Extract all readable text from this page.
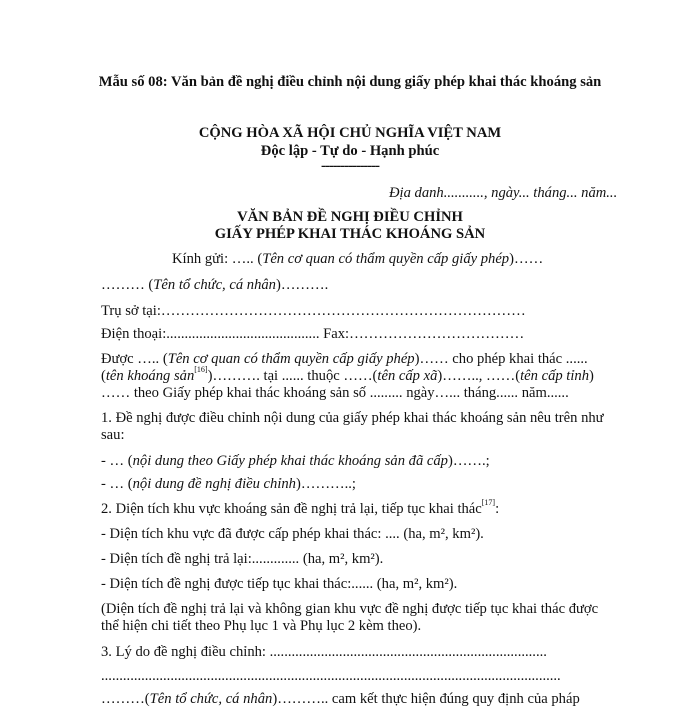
Mẫu số 08: Văn bản đề nghị điều chỉnh nội dung giấy phép khai thác khoáng sản
CỘNG HÒA XÃ HỘI CHỦ NGHĨA VIỆT NAM
Độc lập - Tự do - Hạnh phúc
---------------
Địa danh..........., ngày... tháng... năm...
VĂN BẢN ĐỀ NGHỊ ĐIỀU CHỈNH
GIẤY PHÉP KHAI THÁC KHOÁNG SẢN
Kính gửi: ….. (Tên cơ quan có thẩm quyền cấp giấy phép)……
……… (Tên tổ chức, cá nhân)……….
Trụ sở tại:…………………………………………………………………
Điện thoại:.......................................... Fax:………………………………
Được ….. (Tên cơ quan có thẩm quyền cấp giấy phép)…… cho phép khai thác ......
(tên khoáng sản[16])………. tại ...... thuộc ……(tên cấp xã)…….., ……(tên cấp tỉnh)
…… theo Giấy phép khai thác khoáng sản số ......... ngày…... tháng...... năm......
1. Đề nghị được điều chỉnh nội dung của giấy phép khai thác khoáng sản nêu trên như
sau:
- … (nội dung theo Giấy phép khai thác khoáng sản đã cấp)…….;
- … (nội dung đề nghị điều chỉnh)………..;
2. Diện tích khu vực khoáng sản đề nghị trả lại, tiếp tục khai thác[17]:
- Diện tích khu vực đã được cấp phép khai thác: .... (ha, m², km²).
- Diện tích đề nghị trả lại:............. (ha, m², km²).
- Diện tích đề nghị được tiếp tục khai thác:...... (ha, m², km²).
(Diện tích đề nghị trả lại và không gian khu vực đề nghị được tiếp tục khai thác được
thể hiện chi tiết theo Phụ lục 1 và Phụ lục 2 kèm theo).
3. Lý do đề nghị điều chỉnh: ............................................................................
..............................................................................................................................
………(Tên tổ chức, cá nhân)……….. cam kết thực hiện đúng quy định của pháp
